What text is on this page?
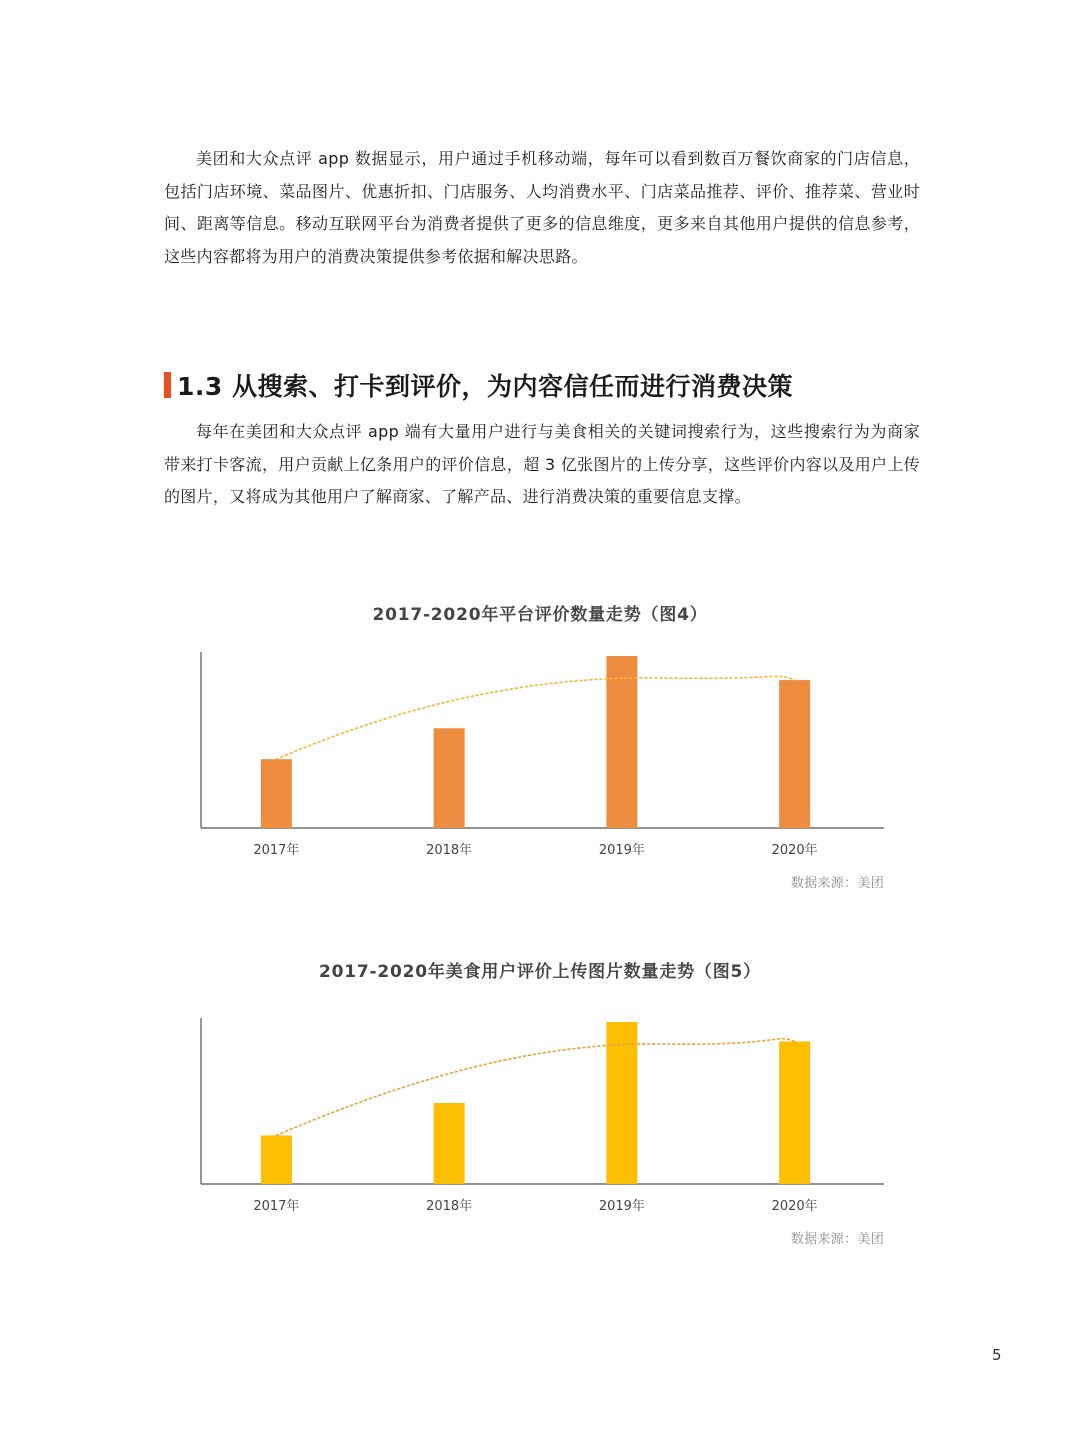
美团和大众点评 app 数据显示，用户通过手机移动端，每年可以看到数百万餐饮商家的门店信息，包括门店环境、菜品图片、优惠折扣、门店服务、人均消费水平、门店菜品推荐、评价、推荐菜、营业时间、距离等信息。移动互联网平台为消费者提供了更多的信息维度，更多来自其他用户提供的信息参考，这些内容都将为用户的消费决策提供参考依据和解决思路。

1.3 从搜索、打卡到评价，为内容信任而进行消费决策

每年在美团和大众点评 app 端有大量用户进行与美食相关的关键词搜索行为，这些搜索行为为商家带来打卡客流，用户贡献上亿条用户的评价信息，超 3 亿张图片的上传分享，这些评价内容以及用户上传的图片，又将成为其他用户了解商家、了解产品、进行消费决策的重要信息支撑。

2017-2020年平台评价数量走势（图4）
2017年	2018年	2019年	2020年
数据来源：美团
2017-2020年美食用户评价上传图片数量走势（图5）
2017年	2018年	2019年	2020年
数据来源：美团
5
